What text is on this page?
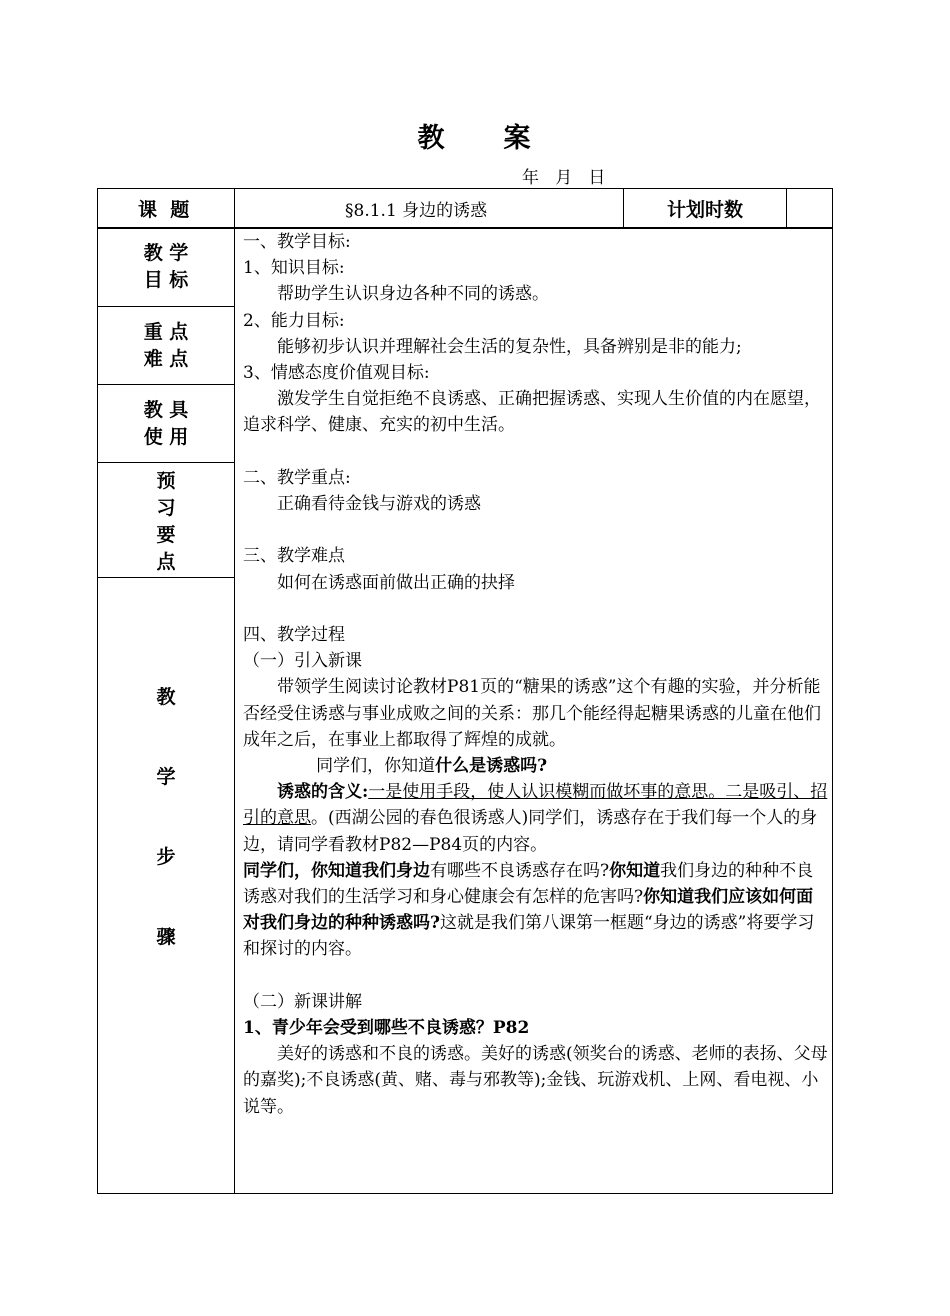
教     案
年   月   日
课  题	§8.1.1 身边的诱惑	计划时数
教 学
目 标
重 点
难 点
教 具
使 用
预
习
要
点
教
学
步
骤

一、教学目标:

1、知识目标:

帮助学生认识身边各种不同的诱惑。

2、能力目标:

能够初步认识并理解社会生活的复杂性，具备辨别是非的能力;

3、情感态度价值观目标:

激发学生自觉拒绝不良诱惑、正确把握诱惑、实现人生价值的内在愿望，追求科学、健康、充实的初中生活。

二、教学重点:

正确看待金钱与游戏的诱惑

三、教学难点

如何在诱惑面前做出正确的抉择

四、教学过程

（一）引入新课

带领学生阅读讨论教材P81页的“糖果的诱惑”这个有趣的实验，并分析能否经受住诱惑与事业成败之间的关系：那几个能经得起糖果诱惑的儿童在他们成年之后，在事业上都取得了辉煌的成就。

同学们，你知道什么是诱惑吗?

诱惑的含义:一是使用手段，使人认识模糊而做坏事的意思。二是吸引、招引的意思。(西湖公园的春色很诱惑人)同学们，诱惑存在于我们每一个人的身边，请同学看教材P82—P84页的内容。

同学们，你知道我们身边有哪些不良诱惑存在吗?你知道我们身边的种种不良诱惑对我们的生活学习和身心健康会有怎样的危害吗?你知道我们应该如何面对我们身边的种种诱惑吗?这就是我们第八课第一框题“身边的诱惑”将要学习和探讨的内容。

（二）新课讲解

1、青少年会受到哪些不良诱惑？P82

美好的诱惑和不良的诱惑。美好的诱惑(领奖台的诱惑、老师的表扬、父母的嘉奖);不良诱惑(黄、赌、毒与邪教等);金钱、玩游戏机、上网、看电视、小说等。
